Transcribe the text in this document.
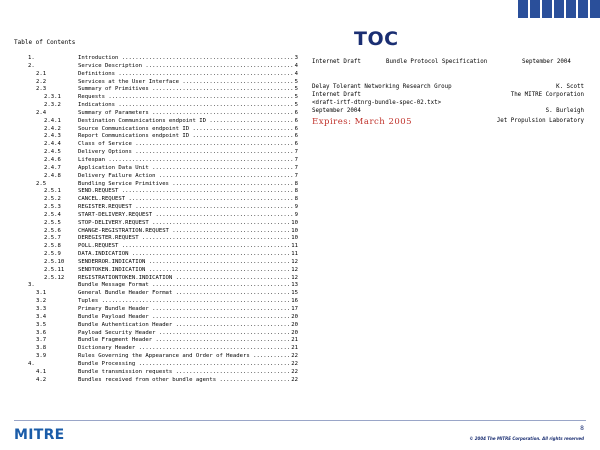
TOC
Table of Contents
1.	Introduction .....	3
2.	Service Description .....	4
2.1	Definitions .....	4
2.2	Services at the User Interface .....	5
2.3	Summary of Primitives .....	5
2.3.1	Requests .....	5
2.3.2	Indications .....	5
2.4	Summary of Parameters .....	6
2.4.1	Destination Communications endpoint ID .....	6
2.4.2	Source Communications endpoint ID .....	6
2.4.3	Report Communications endpoint ID .....	6
2.4.4	Class of Service .....	6
2.4.5	Delivery Options .....	7
2.4.6	Lifespan .....	7
2.4.7	Application Data Unit .....	7
2.4.8	Delivery Failure Action .....	7
2.5	Bundling Service Primitives .....	8
2.5.1	SEND.REQUEST .....	8
2.5.2	CANCEL.REQUEST .....	8
2.5.3	REGISTER.REQUEST .....	9
2.5.4	START-DELIVERY.REQUEST .....	9
2.5.5	STOP-DELIVERY.REQUEST .....	10
2.5.6	CHANGE-REGISTRATION.REQUEST .....	10
2.5.7	DEREGISTER.REQUEST .....	10
2.5.8	POLL.REQUEST .....	11
2.5.9	DATA.INDICATION .....	11
2.5.10	SENDERROR.INDICATION .....	12
2.5.11	SENDTOKEN.INDICATION .....	12
2.5.12	REGISTRATIONTOKEN.INDICATION .....	12
3.	Bundle Message Format .....	13
3.1	General Bundle Header Format .....	15
3.2	Tuples .....	16
3.3	Primary Bundle Header .....	17
3.4	Bundle Payload Header .....	20
3.5	Bundle Authentication Header .....	20
3.6	Payload Security Header .....	20
3.7	Bundle Fragment Header .....	21
3.8	Dictionary Header .....	21
3.9	Rules Governing the Appearance and Order of Headers .....	22
4.	Bundle Processing .....	22
4.1	Bundle transmission requests .....	22
4.2	Bundles received from other bundle agents .....	22
Internet Draft	Bundle Protocol Specification	September 2004
Delay Tolerant Networking Research Group	K. Scott
Internet Draft	The MITRE Corporation
<draft-irtf-dtnrg-bundle-spec-02.txt>
September 2004	S. Burleigh
Expires: March 2005	Jet Propulsion Laboratory
MITRE	8
© 2004 The MITRE Corporation. All rights reserved
